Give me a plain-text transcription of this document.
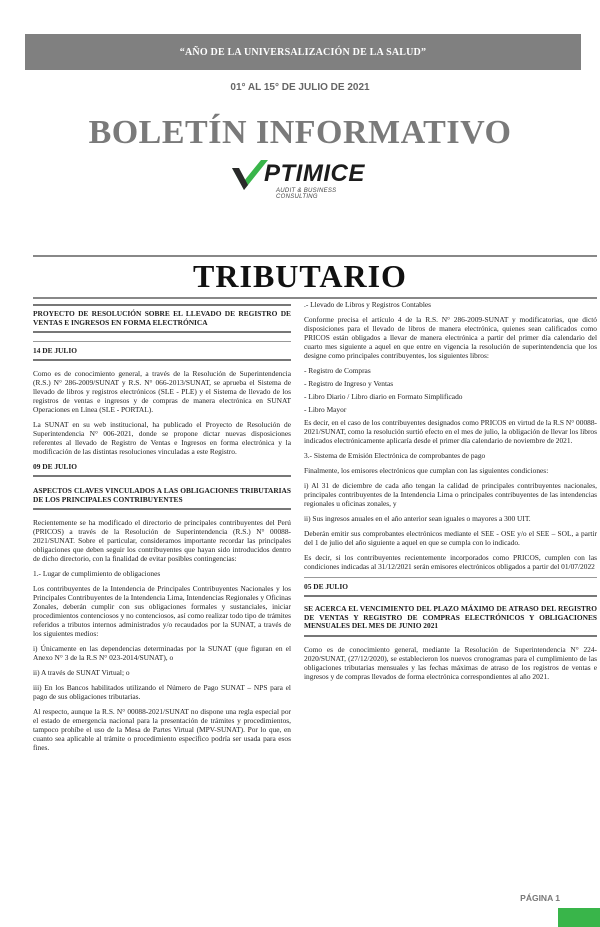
“AÑO DE LA UNIVERSALIZACIÓN DE LA SALUD”
01° AL 15° DE JULIO DE 2021
BOLETÍN INFORMATIVO
PTIMICE
AUDIT & BUSINESS CONSULTING
TRIBUTARIO

PROYECTO DE RESOLUCIÓN SOBRE EL LLEVADO DE REGISTRO DE VENTAS E INGRESOS EN FORMA ELECTRÓNICA

14 DE JULIO

Como es de conocimiento general, a través de la Resolución de Superintendencia (R.S.) N° 286-2009/SUNAT y R.S. N° 066-2013/SUNAT, se aprueba el Sistema de llevado de libros y registros electrónicos (SLE - PLE) y el Sistema de llevado de los registros de ventas e ingresos y de compras de manera electrónica en SUNAT Operaciones en Línea (SLE - PORTAL).

La SUNAT en su web institucional, ha publicado el Proyecto de Resolución de Superintendencia N° 006-2021, donde se propone dictar nuevas disposiciones referentes al llevado de Registro de Ventas e Ingresos en forma electrónica y la modificación de las distintas resoluciones vinculadas a este Registro.

09 DE JULIO

ASPECTOS CLAVES VINCULADOS A LAS OBLIGACIONES TRIBUTARIAS DE LOS PRINCIPALES CONTRIBUYENTES

Recientemente se ha modificado el directorio de principales contribuyentes del Perú (PRICOS) a través de la Resolución de Superintendencia (R.S.) N° 00088-2021/SUNAT. Sobre el particular, consideramos importante recordar las principales obligaciones que deben seguir los contribuyentes que hayan sido introducidos dentro de dicho directorio, con la finalidad de evitar posibles contingencias:

1.- Lugar de cumplimiento de obligaciones

Los contribuyentes de la Intendencia de Principales Contribuyentes Nacionales y los Principales Contribuyentes de la Intendencia Lima, Intendencias Regionales y Oficinas Zonales, deberán cumplir con sus obligaciones formales y sustanciales, iniciar procedimientos contenciosos y no contenciosos, así como realizar todo tipo de trámites referidos a tributos internos administrados y/o recaudados por la SUNAT, a través de los siguientes medios:

i) Únicamente en las dependencias determinadas por la SUNAT (que figuran en el Anexo N° 3 de la R.S N° 023-2014/SUNAT), o

ii) A través de SUNAT Virtual; o

iii) En los Bancos habilitados utilizando el Número de Pago SUNAT – NPS para el pago de sus obligaciones tributarias.

Al respecto, aunque la R.S. N° 00088-2021/SUNAT no dispone una regla especial por el estado de emergencia nacional para la presentación de trámites y procedimientos, tampoco prohíbe el uso de la Mesa de Partes Virtual (MPV-SUNAT). Por lo que, en cuanto sea aplicable al trámite o procedimiento específico podría ser usada para esos fines.

.- Llevado de Libros y Registros Contables

Conforme precisa el artículo 4 de la R.S. N° 286-2009-SUNAT y modificatorias, que dictó disposiciones para el llevado de libros de manera electrónica, quienes sean calificados como PRICOS están obligados a llevar de manera electrónica a partir del primer día calendario del cuarto mes siguiente a aquel en que entre en vigencia la resolución de superintendencia que los designe como principales contribuyentes, los siguientes libros:

- Registro de Compras

- Registro de Ingreso y Ventas

- Libro Diario / Libro diario en Formato Simplificado

- Libro Mayor

Es decir, en el caso de los contribuyentes designados como PRICOS en virtud de la R.S N° 00088-2021/SUNAT, como la resolución surtió efecto en el mes de julio, la obligación de llevar los libros indicados electrónicamente aplicaría desde el primer día calendario de noviembre de 2021.

3.- Sistema de Emisión Electrónica de comprobantes de pago

Finalmente, los emisores electrónicos que cumplan con las siguientes condiciones:

i) Al 31 de diciembre de cada año tengan la calidad de principales contribuyentes nacionales, principales contribuyentes de la Intendencia Lima o principales contribuyentes de las intendencias regionales u oficinas zonales, y

ii) Sus ingresos anuales en el año anterior sean iguales o mayores a 300 UIT.

Deberán emitir sus comprobantes electrónicos mediante el SEE - OSE y/o el SEE – SOL, a partir del 1 de julio del año siguiente a aquel en que se cumpla con lo indicado.

Es decir, si los contribuyentes recientemente incorporados como PRICOS, cumplen con las condiciones indicadas al 31/12/2021 serán emisores electrónicos obligados a partir del 01/07/2022

05 DE JULIO

SE ACERCA EL VENCIMIENTO DEL PLAZO MÁXIMO DE ATRASO DEL REGISTRO DE VENTAS Y REGISTRO DE COMPRAS ELECTRÓNICOS Y OBLIGACIONES MENSUALES DEL MES DE JUNIO 2021

Como es de conocimiento general, mediante la Resolución de Superintendencia N° 224-2020/SUNAT, (27/12/2020), se establecieron los nuevos cronogramas para el cumplimiento de las obligaciones tributarias mensuales y las fechas máximas de atraso de los registros de ventas e ingresos y de compras llevados de forma electrónica correspondientes al año 2021.

PÁGINA 1
